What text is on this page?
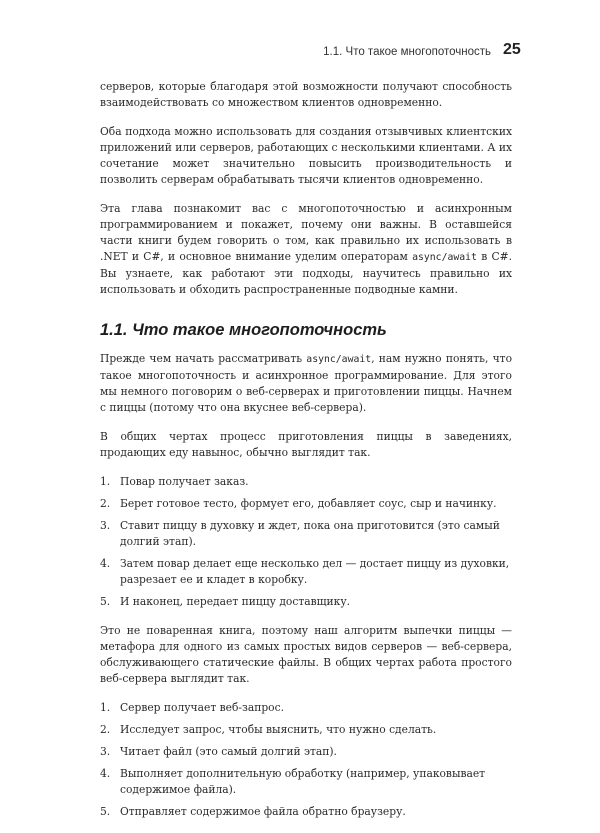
1.1. Что такое многопоточность 25

серверов, которые благодаря этой возможности получают способность взаимодействовать со множеством клиентов одновременно.

Оба подхода можно использовать для создания отзывчивых клиентских приложений или серверов, работающих с несколькими клиентами. А их сочетание может значительно повысить производительность и позволить серверам обрабатывать тысячи клиентов одновременно.

Эта глава познакомит вас с многопоточностью и асинхронным программированием и покажет, почему они важны. В оставшейся части книги будем говорить о том, как правильно их использовать в .NET и C#, и основное внимание уделим операторам async/await в C#. Вы узнаете, как работают эти подходы, научитесь правильно их использовать и обходить распространенные подводные камни.

1.1. Что такое многопоточность

Прежде чем начать рассматривать async/await, нам нужно понять, что такое многопоточность и асинхронное программирование. Для этого мы немного поговорим о веб-серверах и приготовлении пиццы. Начнем с пиццы (потому что она вкуснее веб-сервера).

В общих чертах процесс приготовления пиццы в заведениях, продающих еду навынос, обычно выглядит так.

1. Повар получает заказ.
2. Берет готовое тесто, формует его, добавляет соус, сыр и начинку.
3. Ставит пиццу в духовку и ждет, пока она приготовится (это самый долгий этап).
4. Затем повар делает еще несколько дел — достает пиццу из духовки, разрезает ее и кладет в коробку.
5. И наконец, передает пиццу доставщику.

Это не поваренная книга, поэтому наш алгоритм выпечки пиццы — метафора для одного из самых простых видов серверов — веб-сервера, обслуживающего статические файлы. В общих чертах работа простого веб-сервера выглядит так.

1. Сервер получает веб-запрос.
2. Исследует запрос, чтобы выяснить, что нужно сделать.
3. Читает файл (это самый долгий этап).
4. Выполняет дополнительную обработку (например, упаковывает содержимое файла).
5. Отправляет содержимое файла обратно браузеру.
